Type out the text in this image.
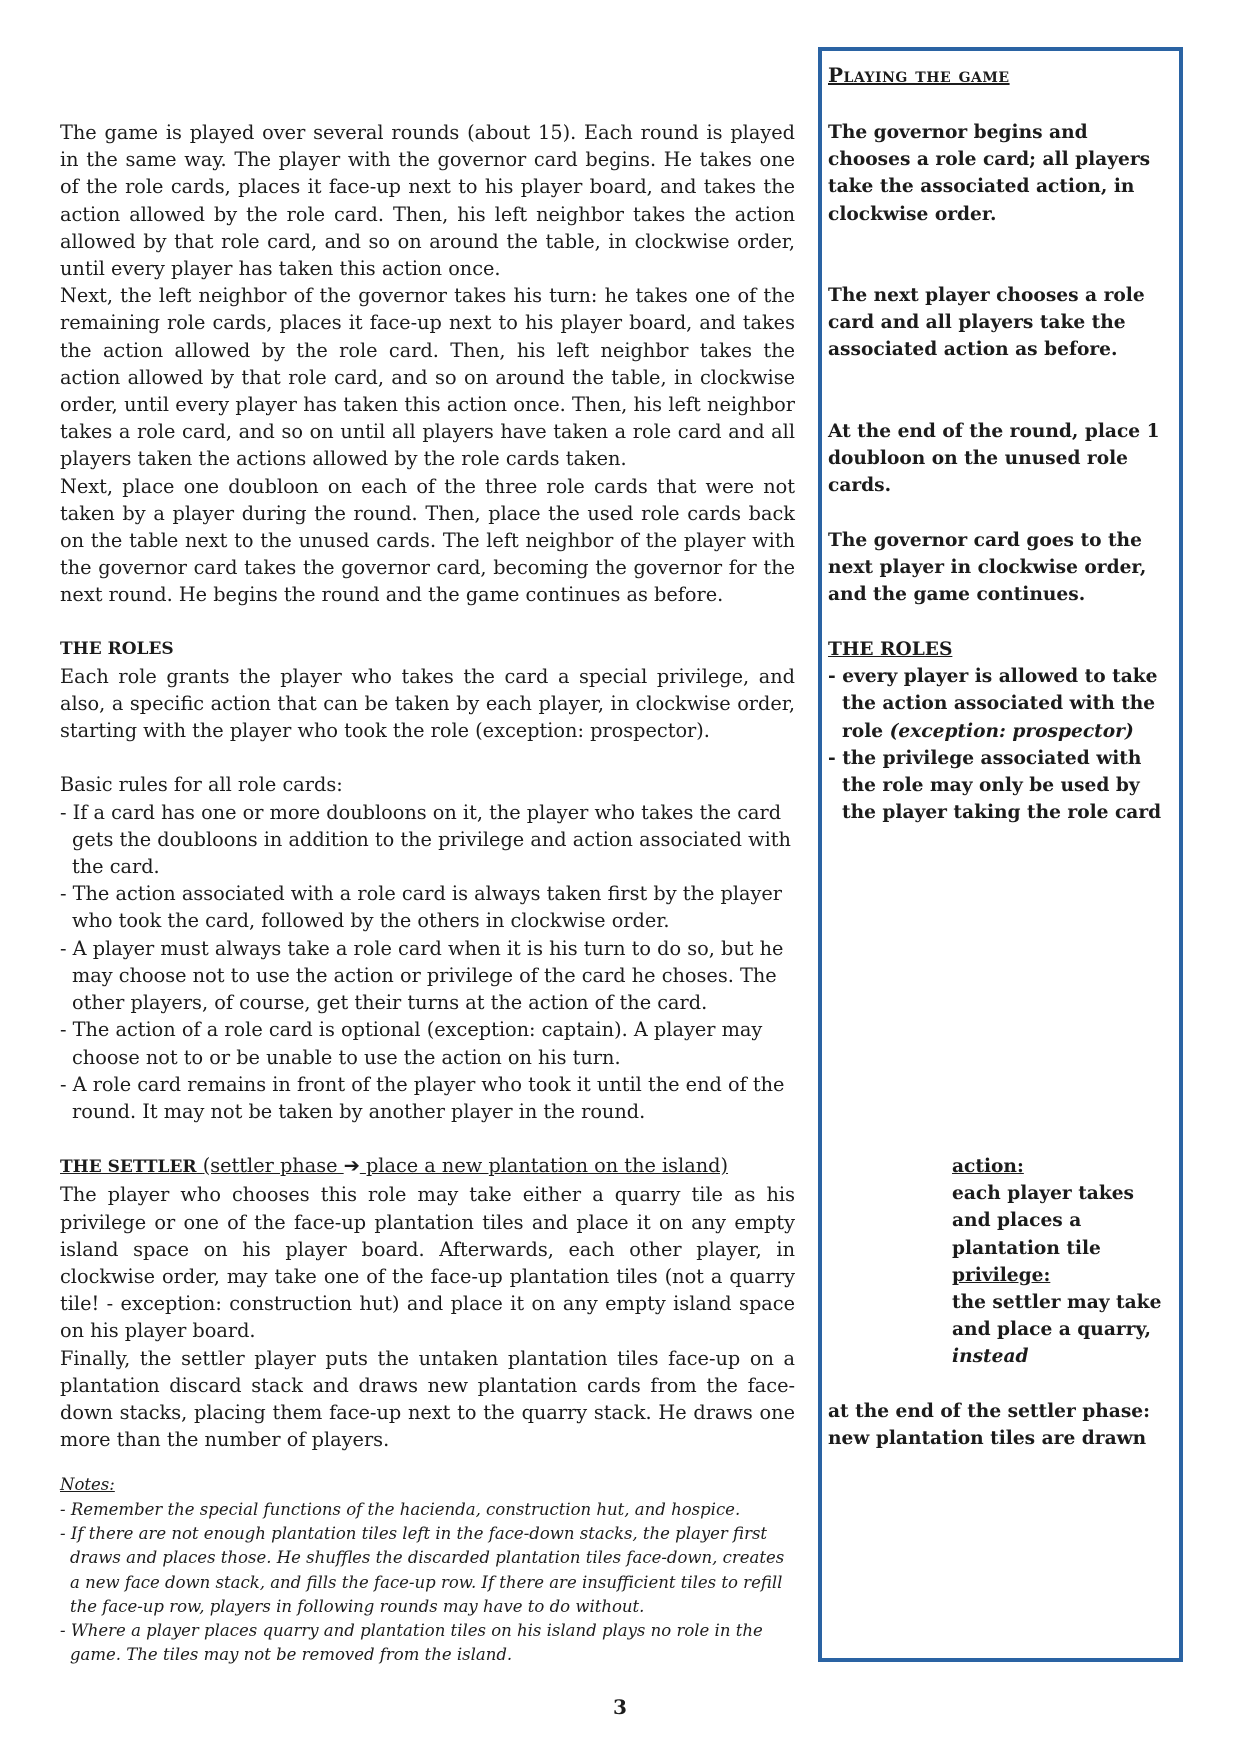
The game is played over several rounds (about 15). Each round is played in the same way. The player with the governor card begins. He takes one of the role cards, places it face-up next to his player board, and takes the action allowed by the role card. Then, his left neighbor takes the action allowed by that role card, and so on around the table, in clockwise order, until every player has taken this action once.

Next, the left neighbor of the governor takes his turn: he takes one of the remaining role cards, places it face-up next to his player board, and takes the action allowed by the role card. Then, his left neighbor takes the action allowed by that role card, and so on around the table, in clockwise order, until every player has taken this action once. Then, his left neighbor takes a role card, and so on until all players have taken a role card and all players taken the actions allowed by the role cards taken.

Next, place one doubloon on each of the three role cards that were not taken by a player during the round. Then, place the used role cards back on the table next to the unused cards. The left neighbor of the player with the governor card takes the governor card, becoming the governor for the next round. He begins the round and the game continues as before.

THE ROLES

Each role grants the player who takes the card a special privilege, and also, a specific action that can be taken by each player, in clockwise order, starting with the player who took the role (exception: prospector).

Basic rules for all role cards:

- If a card has one or more doubloons on it, the player who takes the card gets the doubloons in addition to the privilege and action associated with the card.
- The action associated with a role card is always taken first by the player who took the card, followed by the others in clockwise order.
- A player must always take a role card when it is his turn to do so, but he may choose not to use the action or privilege of the card he choses. The other players, of course, get their turns at the action of the card.
- The action of a role card is optional (exception: captain). A player may choose not to or be unable to use the action on his turn.
- A role card remains in front of the player who took it until the end of the round. It may not be taken by another player in the round.

THE SETTLER (settler phase ➔ place a new plantation on the island)

The player who chooses this role may take either a quarry tile as his privilege or one of the face-up plantation tiles and place it on any empty island space on his player board. Afterwards, each other player, in clockwise order, may take one of the face-up plantation tiles (not a quarry tile! - exception: construction hut) and place it on any empty island space on his player board.

Finally, the settler player puts the untaken plantation tiles face-up on a plantation discard stack and draws new plantation cards from the face-down stacks, placing them face-up next to the quarry stack. He draws one more than the number of players.

Notes:
- Remember the special functions of the hacienda, construction hut, and hospice.
- If there are not enough plantation tiles left in the face-down stacks, the player first draws and places those. He shuffles the discarded plantation tiles face-down, creates a new face down stack, and fills the face-up row. If there are insufficient tiles to refill the face-up row, players in following rounds may have to do without.
- Where a player places quarry and plantation tiles on his island plays no role in the game. The tiles may not be removed from the island.
Playing the game
The governor begins and chooses a role card; all players take the associated action, in clockwise order.
The next player chooses a role card and all players take the associated action as before.
At the end of the round, place 1 doubloon on the unused role cards.
The governor card goes to the next player in clockwise order, and the game continues.
THE ROLES
- every player is allowed to take the action associated with the role (exception: prospector)
- the privilege associated with the role may only be used by the player taking the role card
action:
each player takes and places a plantation tile
privilege:
the settler may take and place a quarry, instead
at the end of the settler phase: new plantation tiles are drawn
3
